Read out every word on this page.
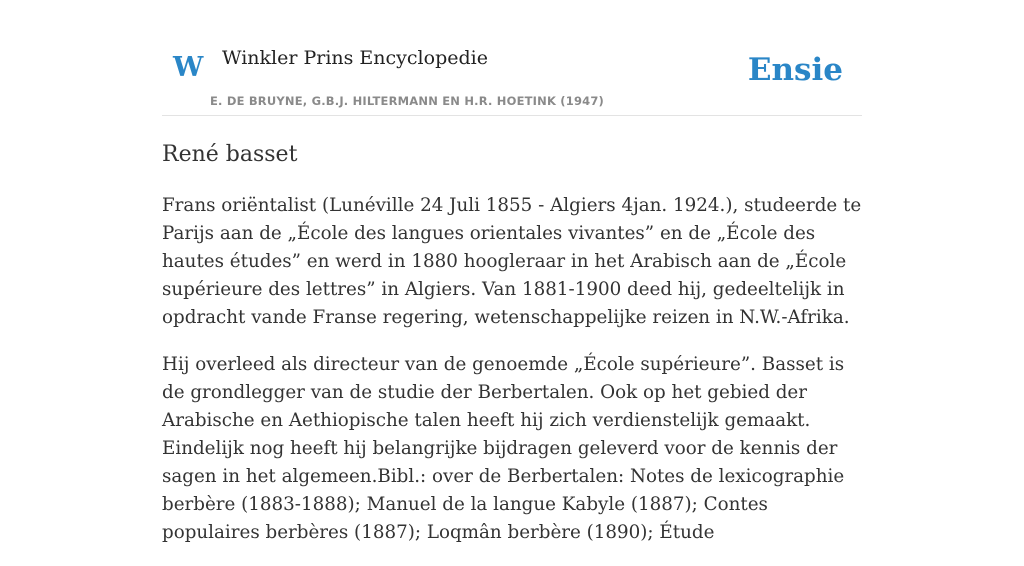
W Winkler Prins Encyclopedie
E. DE BRUYNE, G.B.J. HILTERMANN EN H.R. HOETINK (1947)
Ensie
René basset

Frans oriëntalist (Lunéville 24 Juli 1855 - Algiers 4jan. 1924.), studeerde te Parijs aan de „École des langues orientales vivantes” en de „École des hautes études” en werd in 1880 hoogleraar in het Arabisch aan de „École supérieure des lettres” in Algiers. Van 1881-1900 deed hij, gedeeltelijk in opdracht vande Franse regering, wetenschappelijke reizen in N.W.-Afrika.

Hij overleed als directeur van de genoemde „École supérieure”. Basset is de grondlegger van de studie der Berbertalen. Ook op het gebied der Arabische en Aethiopische talen heeft hij zich verdienstelijk gemaakt. Eindelijk nog heeft hij belangrijke bijdragen geleverd voor de kennis der sagen in het algemeen.Bibl.: over de Berbertalen: Notes de lexicographie berbère (1883-1888); Manuel de la langue Kabyle (1887); Contes populaires berbères (1887); Loqmân berbère (1890); Étude
